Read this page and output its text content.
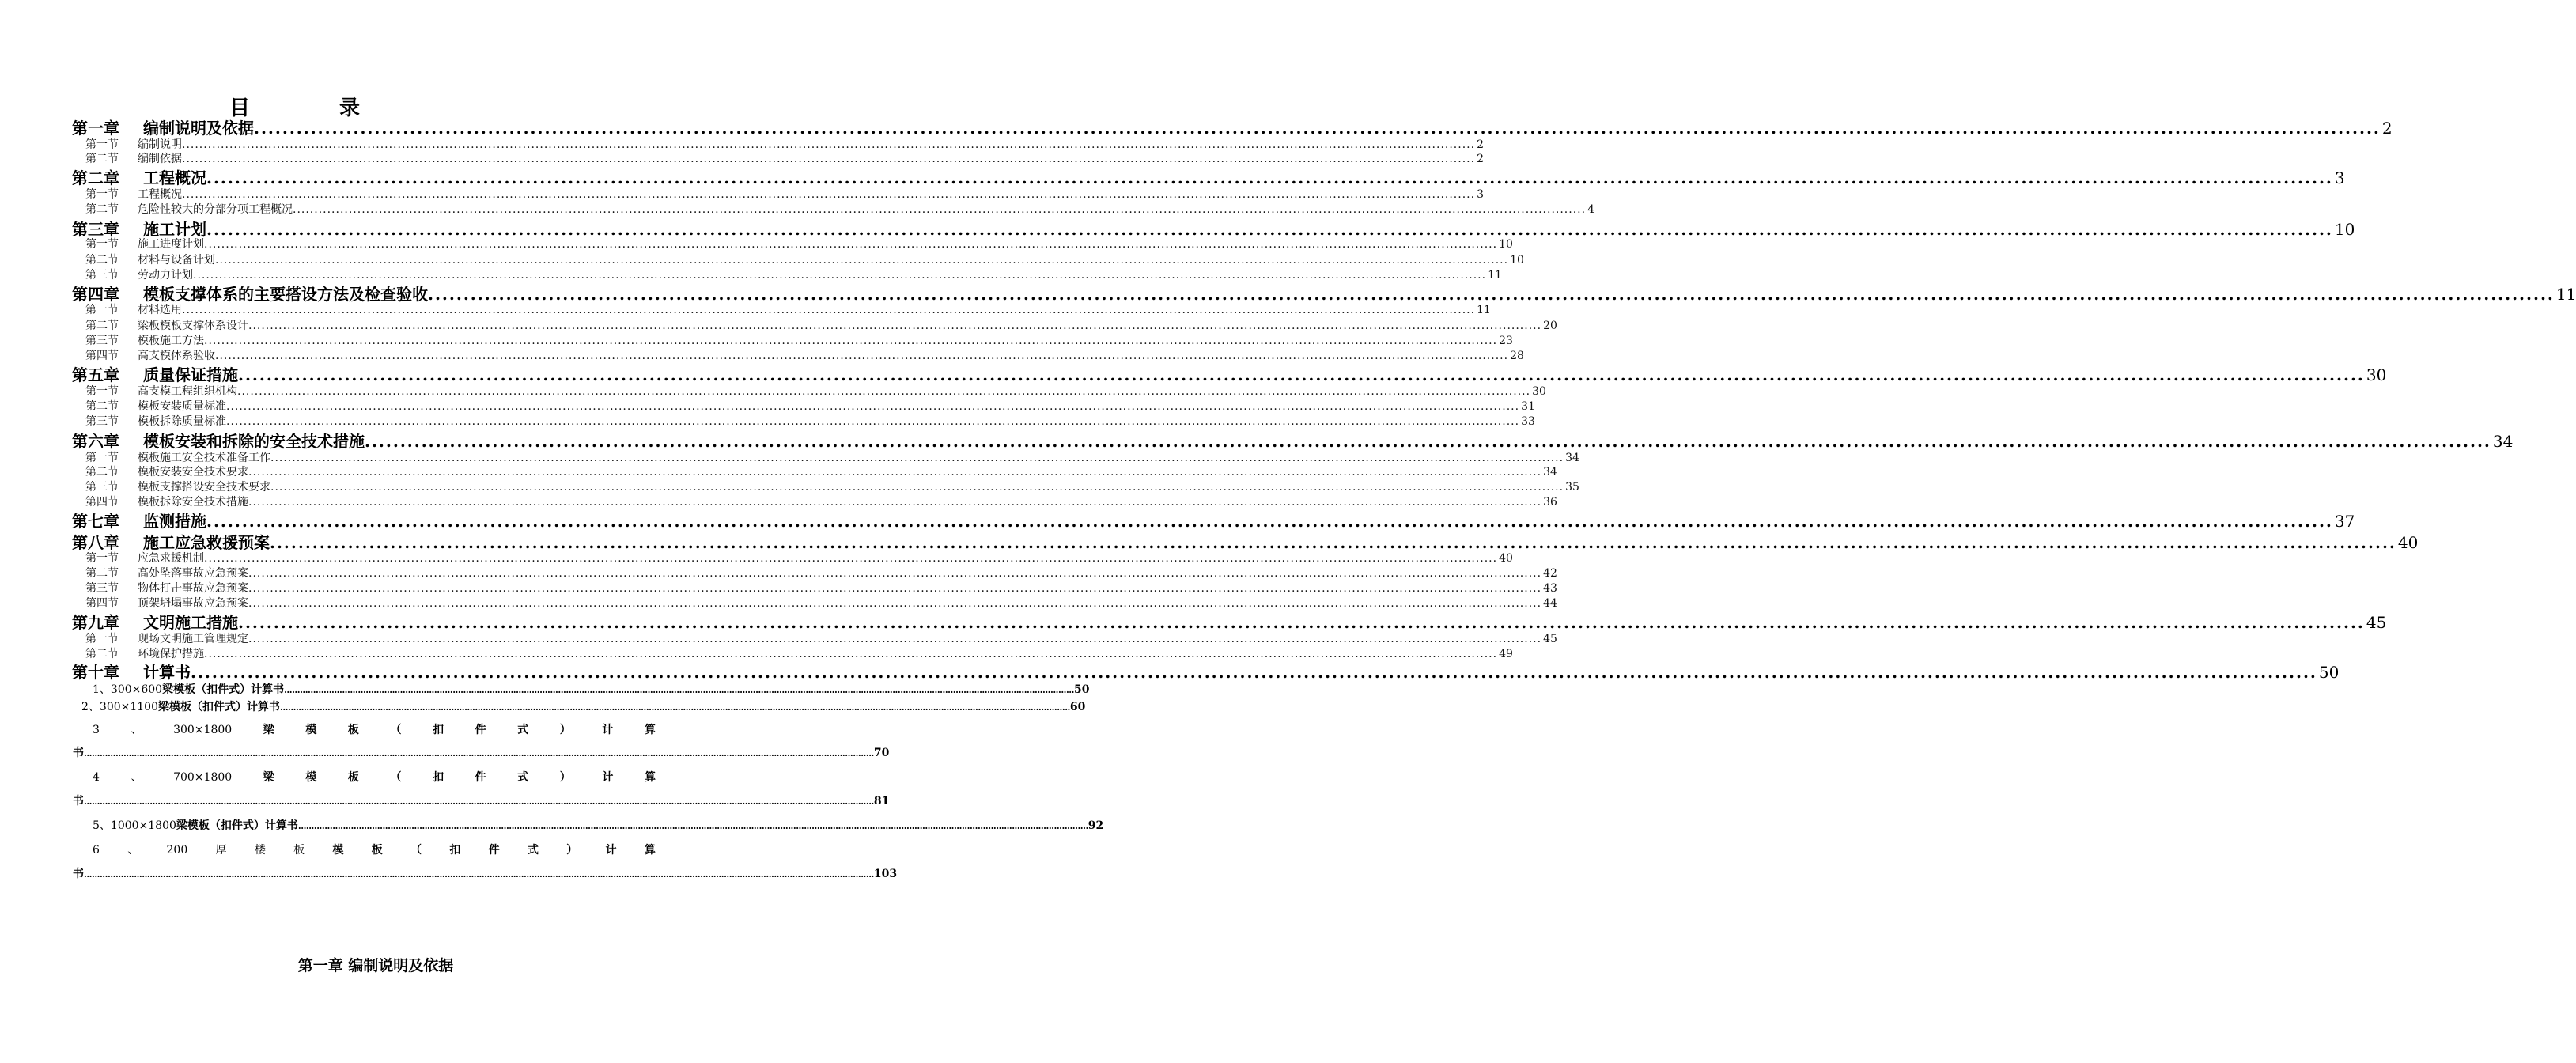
目 录
第一章	编制说明及依据 ............................................................................................................................................................................................................................................................................................................ 2
第一节	编制说明 ............................................................................................................................................................................................................................................................................................................ 2
第二节	编制依据 ............................................................................................................................................................................................................................................................................................................ 2
第二章	工程概况 ............................................................................................................................................................................................................................................................................................................ 3
第一节	工程概况 ............................................................................................................................................................................................................................................................................................................ 3
第二节	危险性较大的分部分项工程概况 ............................................................................................................................................................................................................................................................................................................ 4
第三章	施工计划 ............................................................................................................................................................................................................................................................................................................ 10
第一节	施工进度计划 ............................................................................................................................................................................................................................................................................................................ 10
第二节	材料与设备计划 ............................................................................................................................................................................................................................................................................................................ 10
第三节	劳动力计划 ............................................................................................................................................................................................................................................................................................................ 11
第四章	模板支撑体系的主要搭设方法及检查验收 ............................................................................................................................................................................................................................................................................................................ 11
第一节	材料选用 ............................................................................................................................................................................................................................................................................................................ 11
第二节	梁板模板支撑体系设计 ............................................................................................................................................................................................................................................................................................................ 20
第三节	模板施工方法 ............................................................................................................................................................................................................................................................................................................ 23
第四节	高支模体系验收 ............................................................................................................................................................................................................................................................................................................ 28
第五章	质量保证措施 ............................................................................................................................................................................................................................................................................................................ 30
第一节	高支模工程组织机构 ............................................................................................................................................................................................................................................................................................................ 30
第二节	模板安装质量标准 ............................................................................................................................................................................................................................................................................................................ 31
第三节	模板拆除质量标准 ............................................................................................................................................................................................................................................................................................................ 33
第六章	模板安装和拆除的安全技术措施 ............................................................................................................................................................................................................................................................................................................ 34
第一节	模板施工安全技术准备工作 ............................................................................................................................................................................................................................................................................................................ 34
第二节	模板安装安全技术要求 ............................................................................................................................................................................................................................................................................................................ 34
第三节	模板支撑搭设安全技术要求 ............................................................................................................................................................................................................................................................................................................ 35
第四节	模板拆除安全技术措施 ............................................................................................................................................................................................................................................................................................................ 36
第七章	监测措施 ............................................................................................................................................................................................................................................................................................................ 37
第八章	施工应急救援预案 ............................................................................................................................................................................................................................................................................................................ 40
第一节	应急求援机制 ............................................................................................................................................................................................................................................................................................................ 40
第二节	高处坠落事故应急预案 ............................................................................................................................................................................................................................................................................................................ 42
第三节	物体打击事故应急预案 ............................................................................................................................................................................................................................................................................................................ 43
第四节	顶架坍塌事故应急预案 ............................................................................................................................................................................................................................................................................................................ 44
第九章	文明施工措施 ............................................................................................................................................................................................................................................................................................................ 45
第一节	现场文明施工管理规定 ............................................................................................................................................................................................................................................................................................................ 45
第二节	环境保护措施 ............................................................................................................................................................................................................................................................................................................ 49
第十章	计算书 ............................................................................................................................................................................................................................................................................................................ 50
1、300×600 梁模板（扣件式）计算书 ............................................................................................................................................................................................................................................................................................................ 50
2、300×1100 梁模板（扣件式）计算书 ............................................................................................................................................................................................................................................................................................................ 60
3	、	300×1800	梁	模	板	（	扣	件	式	）	计	算
书 ............................................................................................................................................................................................................................................................................................................ 70
4	、	700×1800	梁	模	板	（	扣	件	式	）	计	算
书 ............................................................................................................................................................................................................................................................................................................ 81
5、1000×1800 梁模板（扣件式）计算书 ............................................................................................................................................................................................................................................................................................................ 92
6	、	200	厚	楼	板	模	板	（	扣	件	式	）	计	算
书 ............................................................................................................................................................................................................................................................................................................ 103
第一章 编制说明及依据
